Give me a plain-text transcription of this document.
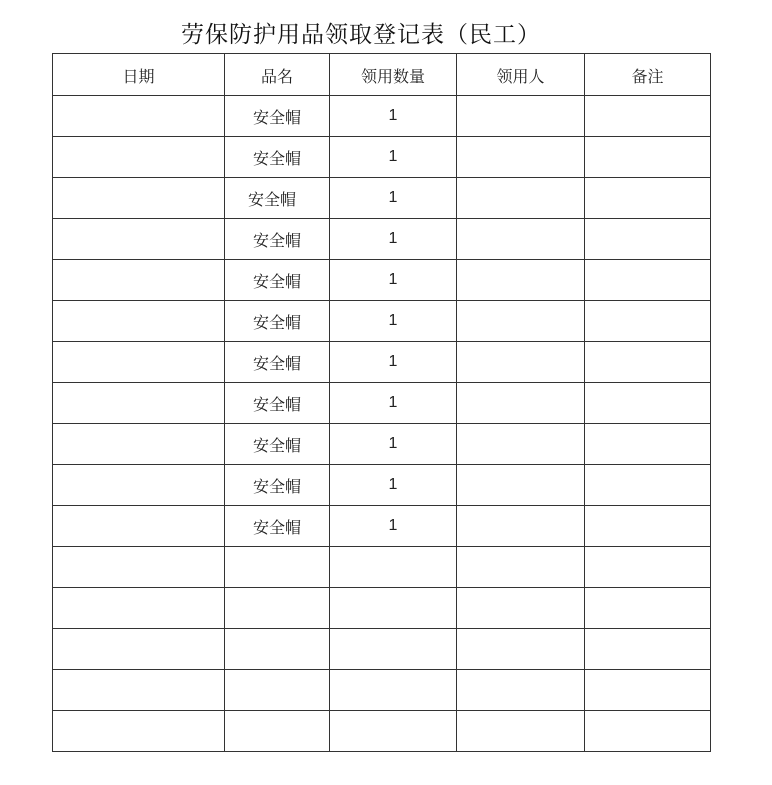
劳保防护用品领取登记表（民工）
日期	品名	领用数量	领用人	备注
	安全帽	1		
	安全帽	1		
	安全帽	1		
	安全帽	1		
	安全帽	1		
	安全帽	1		
	安全帽	1		
	安全帽	1		
	安全帽	1		
	安全帽	1		
	安全帽	1		
